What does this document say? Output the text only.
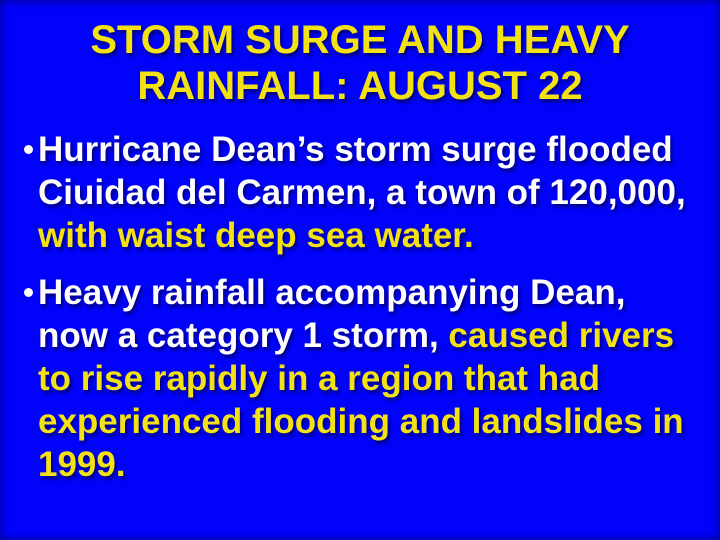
STORM SURGE AND HEAVY
RAINFALL: AUGUST 22
Hurricane Dean’s storm surge flooded Ciuidad del Carmen, a town of 120,000, with waist deep sea water.
Heavy rainfall accompanying Dean, now a category 1 storm, caused rivers to rise rapidly in a region that had experienced flooding and landslides in 1999.
